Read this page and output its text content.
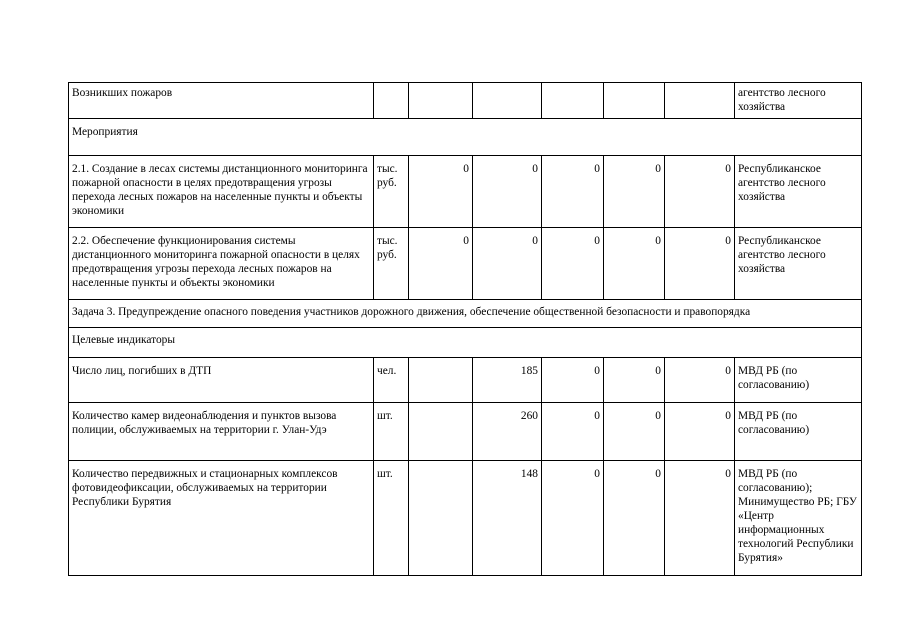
Возникших пожаров							агентство лесного хозяйства
Мероприятия							
2.1. Создание в лесах системы дистанционного мониторинга пожарной опасности в целях предотвращения угрозы перехода лесных пожаров на населенные пункты и объекты экономики	тыс. руб.	0	0	0	0	0	Республиканское агентство лесного хозяйства
2.2. Обеспечение функционирования системы дистанционного мониторинга пожарной опасности в целях предотвращения угрозы перехода лесных пожаров на населенные пункты и объекты экономики	тыс. руб.	0	0	0	0	0	Республиканское агентство лесного хозяйства
Задача 3. Предупреждение опасного поведения участников дорожного движения, обеспечение общественной безопасности и правопорядка							
Целевые индикаторы							
Число лиц, погибших в ДТП	чел.		185	0	0	0	МВД РБ (по согласованию)
Количество камер видеонаблюдения и пунктов вызова полиции, обслуживаемых на территории г. Улан-Удэ	шт.		260	0	0	0	МВД РБ (по согласованию)
Количество передвижных и стационарных комплексов фотовидеофиксации, обслуживаемых на территории Республики Бурятия	шт.		148	0	0	0	МВД РБ (по согласованию); Минимущество РБ; ГБУ «Центр информационных технологий Республики Бурятия»
